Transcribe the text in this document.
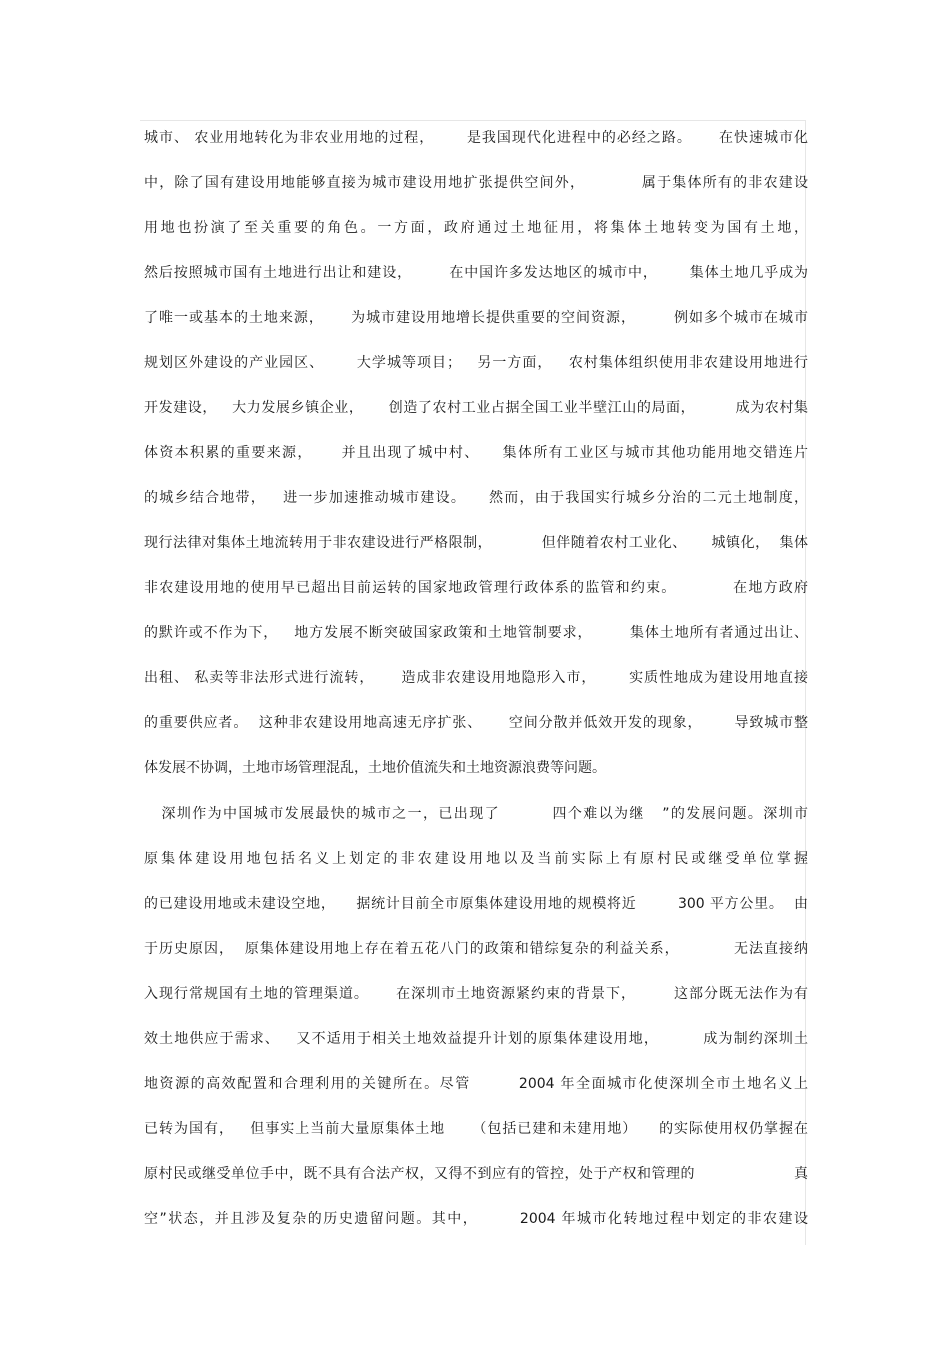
城市、 农业用地转化为非农业用地的过程，      是我国现代化进程中的必经之路。     在快速城市化
中，除了国有建设用地能够直接为城市建设用地扩张提供空间外，          属于集体所有的非农建设
用地也扮演了至关重要的角色。一方面，政府通过土地征用，将集体土地转变为国有土地，
然后按照城市国有土地进行出让和建设，       在中国许多发达地区的城市中，      集体土地几乎成为
了唯一或基本的土地来源，     为城市建设用地增长提供重要的空间资源，       例如多个城市在城市
规划区外建设的产业园区、      大学城等项目；   另一方面，   农村集体组织使用非农建设用地进行
开发建设，   大力发展乡镇企业，     创造了农村工业占据全国工业半壁江山的局面，        成为农村集
体资本积累的重要来源，     并且出现了城中村、    集体所有工业区与城市其他功能用地交错连片
的城乡结合地带，   进一步加速推动城市建设。    然而，由于我国实行城乡分治的二元土地制度，
现行法律对集体土地流转用于非农建设进行严格限制，          但伴随着农村工业化、     城镇化，  集体
非农建设用地的使用早已超出目前运转的国家地政管理行政体系的监管和约束。          在地方政府
的默许或不作为下，   地方发展不断突破国家政策和土地管制要求，       集体土地所有者通过出让、
出租、 私卖等非法形式进行流转，     造成非农建设用地隐形入市，      实质性地成为建设用地直接
的重要供应者。  这种非农建设用地高速无序扩张、     空间分散并低效开发的现象，      导致城市整
体发展不协调，土地市场管理混乱，土地价值流失和土地资源浪费等问题。
深圳作为中国城市发展最快的城市之一，已出现了         四个难以为继   ”的发展问题。深圳市
原集体建设用地包括名义上划定的非农建设用地以及当前实际上有原村民或继受单位掌握
的已建设用地或未建设空地，    据统计目前全市原集体建设用地的规模将近        300 平方公里。  由
于历史原因，  原集体建设用地上存在着五花八门的政策和错综复杂的利益关系，          无法直接纳
入现行常规国有土地的管理渠道。     在深圳市土地资源紧约束的背景下，       这部分既无法作为有
效土地供应于需求、   又不适用于相关土地效益提升计划的原集体建设用地，        成为制约深圳土
地资源的高效配置和合理利用的关键所在。尽管        2004 年全面城市化使深圳全市土地名义上
已转为国有，   但事实上当前大量原集体土地     （包括已建和未建用地）    的实际使用权仍掌握在
原村民或继受单位手中，既不具有合法产权，又得不到应有的管控，处于产权和管理的                    真
空”状态，并且涉及复杂的历史遗留问题。其中，       2004 年城市化转地过程中划定的非农建设
